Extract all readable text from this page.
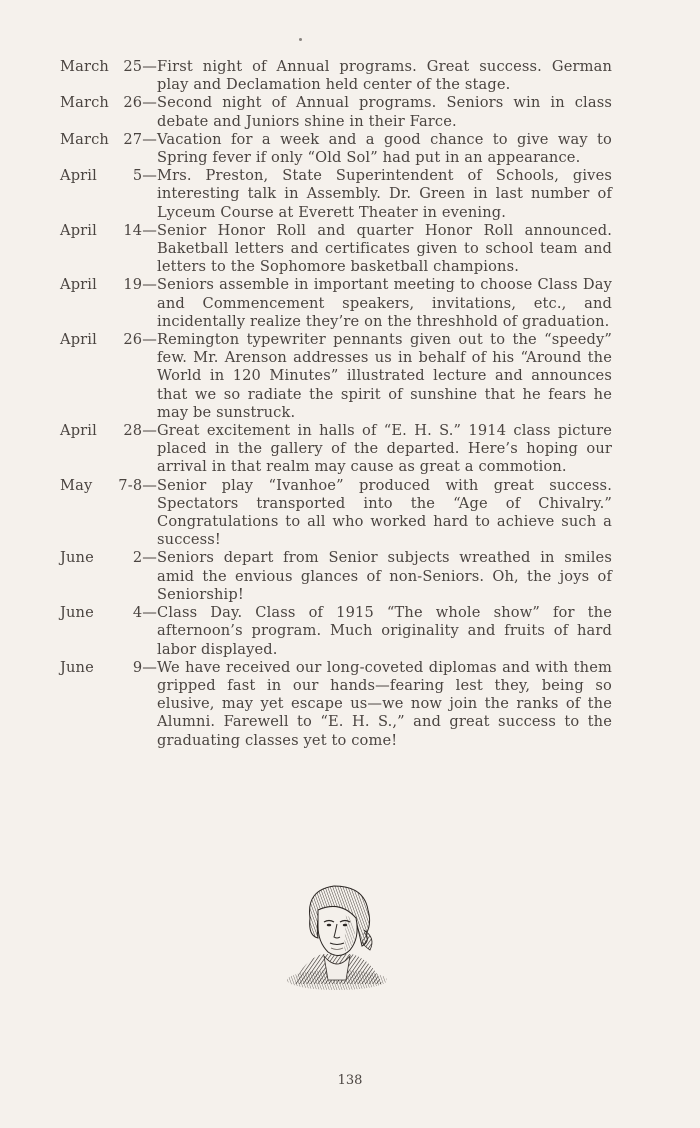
March 25 — First night of Annual programs. Great success. German play and Declamation held center of the stage.
March 26 — Second night of Annual programs. Seniors win in class debate and Juniors shine in their Farce.
March 27 — Vacation for a week and a good chance to give way to Spring fever if only “Old Sol” had put in an appearance.
April	5 — Mrs. Preston, State Superintendent of Schools, gives interesting talk in Assembly. Dr. Green in last number of Lyceum Course at Everett Theater in evening.
April	14 — Senior Honor Roll and quarter Honor Roll announced. Baketball letters and certificates given to school team and letters to the Sophomore basketball champions.
April	19 — Seniors assemble in important meeting to choose Class Day and Commencement speakers, invitations, etc., and incidentally realize they’re on the threshhold of graduation.
April	26 — Remington typewriter pennants given out to the “speedy” few. Mr. Arenson addresses us in behalf of his “Around the World in 120 Minutes” illustrated lecture and announces that we so radiate the spirit of sunshine that he fears he may be sunstruck.
April	28 — Great excitement in halls of “E. H. S.” 1914 class picture placed in the gallery of the departed. Here’s hoping our arrival in that realm may cause as great a commotion.
May	7-8 — Senior play “Ivanhoe” produced with great success. Spectators transported into the “Age of Chivalry.” Congratulations to all who worked hard to achieve such a success!
June	2 — Seniors depart from Senior subjects wreathed in smiles amid the envious glances of non-Seniors. Oh, the joys of Seniorship!
June	4 — Class Day. Class of 1915 “The whole show” for the afternoon’s program. Much originality and fruits of hard labor displayed.
June	9 — We have received our long-coveted diplomas and with them gripped fast in our hands—fearing lest they, being so elusive, may yet escape us—we now join the ranks of the Alumni. Farewell to “E. H. S.,” and great success to the graduating classes yet to come!
138
